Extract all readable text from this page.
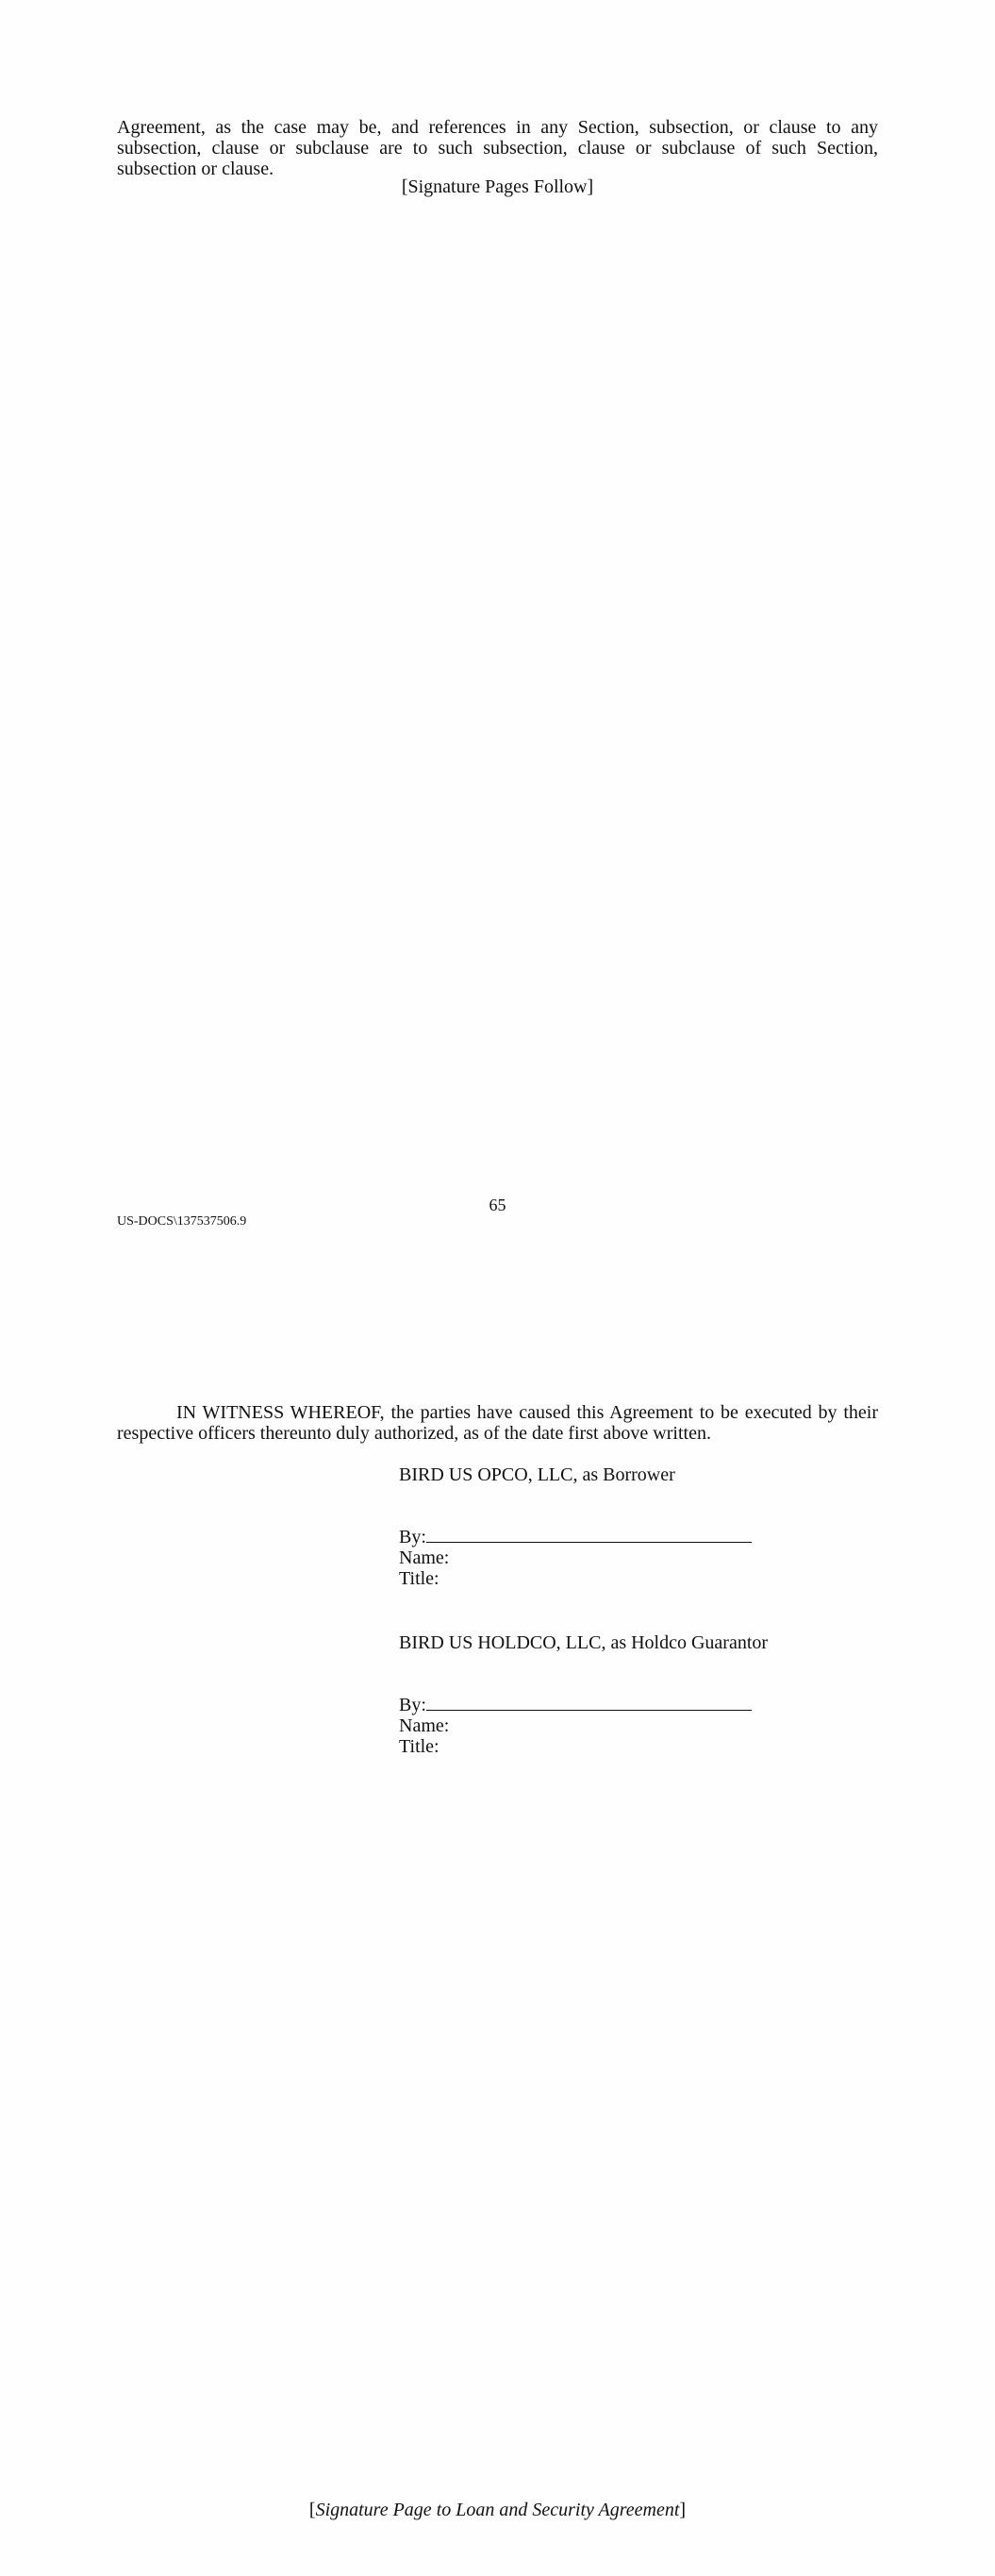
Agreement, as the case may be, and references in any Section, subsection, or clause to any subsection, clause or subclause are to such subsection, clause or subclause of such Section, subsection or clause.

[Signature Pages Follow]
65
US-DOCS\137537506.9

IN WITNESS WHEREOF, the parties have caused this Agreement to be executed by their respective officers thereunto duly authorized, as of the date first above written.

BIRD US OPCO, LLC, as Borrower
By:
Name:
Title:
BIRD US HOLDCO, LLC, as Holdco Guarantor
By:
Name:
Title:
[Signature Page to Loan and Security Agreement]
